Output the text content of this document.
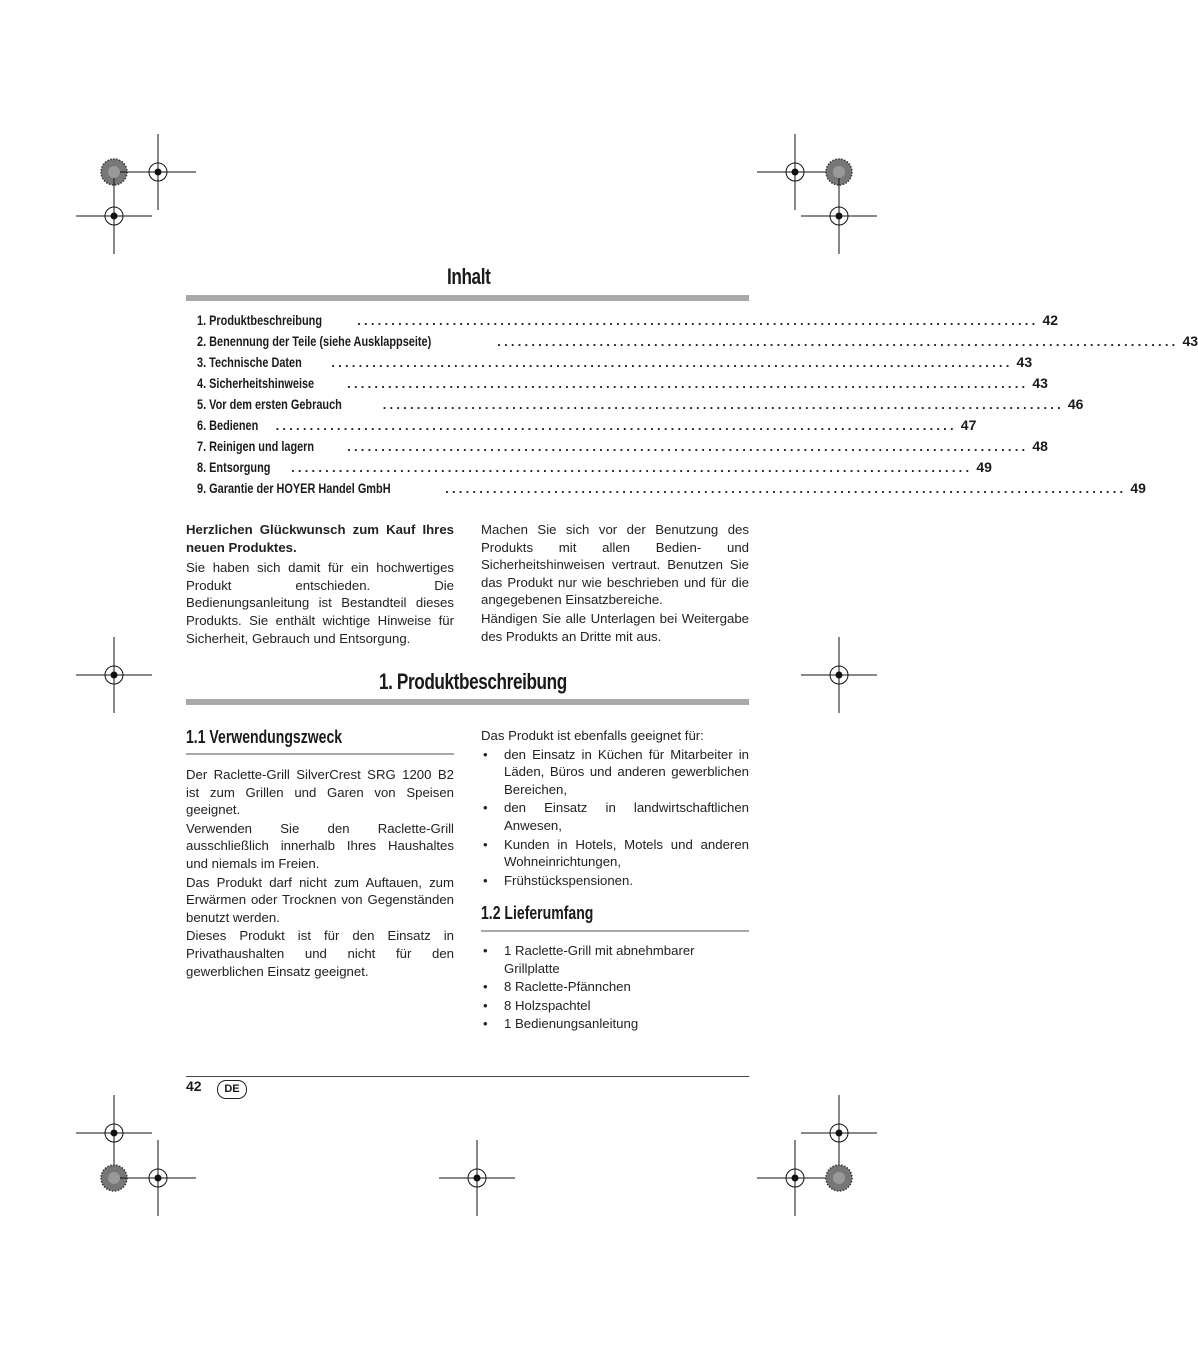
Inhalt
1. Produktbeschreibung	.................................................................................................... 42
2. Benennung der Teile (siehe Ausklappseite)	.................................................................................................... 43
3. Technische Daten .................................................................................................... 43
4. Sicherheitshinweise	.................................................................................................... 43
5. Vor dem ersten Gebrauch	.................................................................................................... 46
6. Bedienen .................................................................................................... 47
7. Reinigen und lagern	.................................................................................................... 48
8. Entsorgung .................................................................................................... 49
9. Garantie der HOYER Handel GmbH	.................................................................................................... 49

Herzlichen Glückwunsch zum Kauf Ihres neuen Produktes.

Sie haben sich damit für ein hochwertiges Produkt entschieden. Die Bedienungsanleitung ist Bestandteil dieses Produkts. Sie enthält wichtige Hinweise für Sicherheit, Gebrauch und Entsorgung.

Machen Sie sich vor der Benutzung des Produkts mit allen Bedien- und Sicherheitshinweisen vertraut. Benutzen Sie das Produkt nur wie beschrieben und für die angegebenen Einsatzbereiche.

Händigen Sie alle Unterlagen bei Weitergabe des Produkts an Dritte mit aus.

1. Produktbeschreibung
1.1 Verwendungszweck

Der Raclette-Grill SilverCrest SRG 1200 B2 ist zum Grillen und Garen von Speisen geeignet.

Verwenden Sie den Raclette-Grill ausschließlich innerhalb Ihres Haushaltes und niemals im Freien.

Das Produkt darf nicht zum Auftauen, zum Erwärmen oder Trocknen von Gegenständen benutzt werden.

Dieses Produkt ist für den Einsatz in Privathaushalten und nicht für den gewerblichen Einsatz geeignet.

Das Produkt ist ebenfalls geeignet für:

• den Einsatz in Küchen für Mitarbeiter in Läden, Büros und anderen gewerblichen Bereichen,
• den Einsatz in landwirtschaftlichen Anwesen,
• Kunden in Hotels, Motels und anderen Wohneinrichtungen,
• Frühstückspensionen.
1.2 Lieferumfang
• 1 Raclette-Grill mit abnehmbarer Grillplatte
• 8 Raclette-Pfännchen
• 8 Holzspachtel
• 1 Bedienungsanleitung
42	DE
